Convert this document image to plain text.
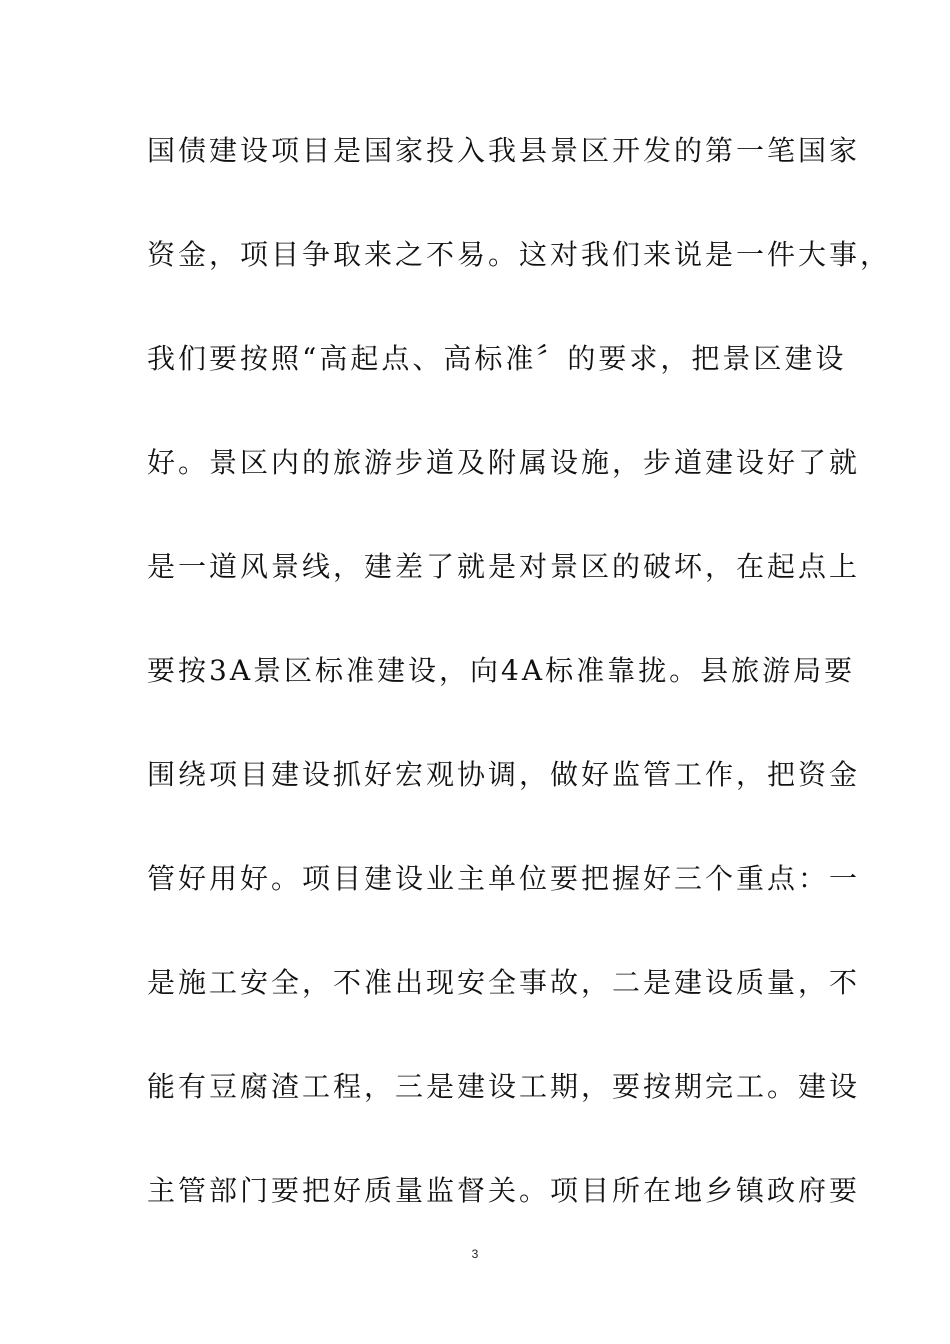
国债建设项目是国家投入我县景区开发的第一笔国家
资金，项目争取来之不易。这对我们来说是一件大事，
我们要按照“高起点、高标准〞的要求，把景区建设
好。景区内的旅游步道及附属设施，步道建设好了就
是一道风景线，建差了就是对景区的破坏，在起点上
要按3A景区标准建设，向4A标准靠拢。县旅游局要
围绕项目建设抓好宏观协调，做好监管工作，把资金
管好用好。项目建设业主单位要把握好三个重点：一
是施工安全，不准出现安全事故，二是建设质量，不
能有豆腐渣工程，三是建设工期，要按期完工。建设
主管部门要把好质量监督关。项目所在地乡镇政府要
3
